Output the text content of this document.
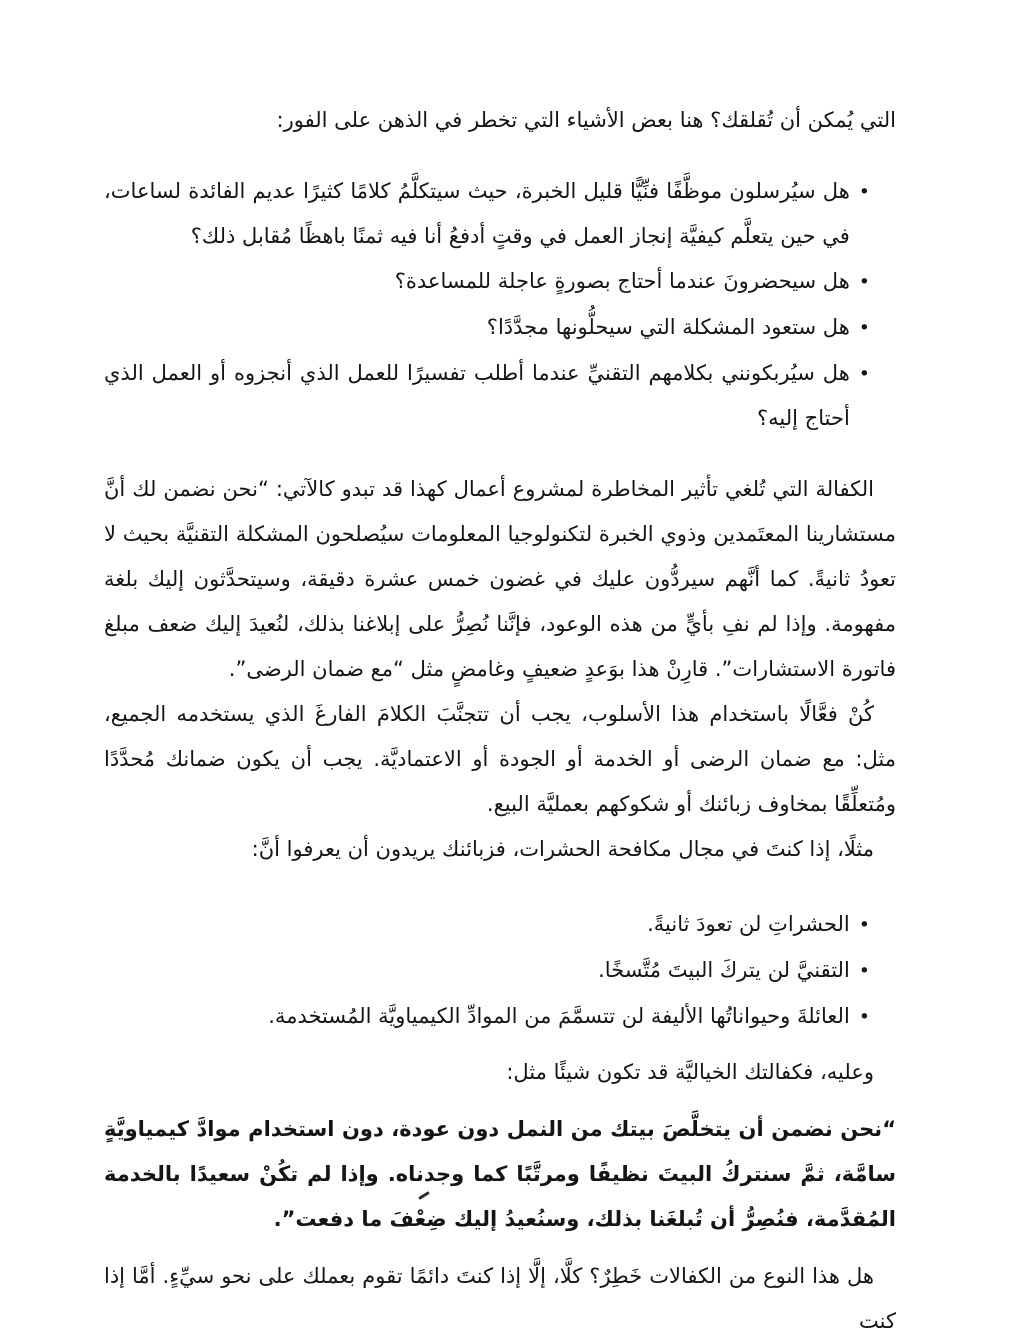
التي يُمكن أن تُقلقك؟ هنا بعض الأشياء التي تخطر في الذهن على الفور:

•
هل سيُرسلون موظَّفًا فنِّيًّا قليل الخبرة، حيث سيتكلَّمُ كلامًا كثيرًا عديم الفائدة لساعات، في حين يتعلَّم كيفيَّة إنجاز العمل في وقتٍ أدفعُ أنا فيه ثمنًا باهظًا مُقابل ذلك؟
•
هل سيحضرونَ عندما أحتاج بصورةٍ عاجلة للمساعدة؟
•
هل ستعود المشكلة التي سيحلُّونها مجدَّدًا؟
•
هل سيُربكونني بكلامهم التقنيِّ عندما أطلب تفسيرًا للعمل الذي أنجزوه أو العمل الذي أحتاج إليه؟

الكفالة التي تُلغي تأثير المخاطرة لمشروع أعمال كهذا قد تبدو كالآتي: “نحن نضمن لك أنَّ مستشارينا المعتَمدين وذوي الخبرة لتكنولوجيا المعلومات سيُصلحون المشكلة التقنيَّة بحيث لا تعودُ ثانيةً. كما أنَّهم سيردُّون عليك في غضون خمس عشرة دقيقة، وسيتحدَّثون إليك بلغة مفهومة. وإذا لم نفِ بأيٍّ من هذه الوعود، فإنَّنا نُصِرُّ على إبلاغنا بذلك، لنُعيدَ إليك ضعف مبلغ فاتورة الاستشارات”. قارِنْ هذا بوَعدٍ ضعيفٍ وغامضٍ مثل “مع ضمان الرضى”.

كُنْ فعَّالًا باستخدام هذا الأسلوب، يجب أن تتجنَّبَ الكلامَ الفارغَ الذي يستخدمه الجميع، مثل: مع ضمان الرضى أو الخدمة أو الجودة أو الاعتماديَّة. يجب أن يكون ضمانك مُحدَّدًا ومُتعلِّقًا بمخاوف زبائنك أو شكوكهم بعمليَّة البيع.

مثلًا، إذا كنتَ في مجال مكافحة الحشرات، فزبائنك يريدون أن يعرفوا أنَّ:

•
الحشراتِ لن تعودَ ثانيةً.
•
التقنيَّ لن يتركَ البيتَ مُتَّسخًا.
•
العائلةَ وحيواناتُها الأليفة لن تتسمَّمَ من الموادِّ الكيمياويَّة المُستخدمة.

وعليه، فكفالتك الخياليَّة قد تكون شيئًا مثل:

“نحن نضمن أن يتخلَّصَ بيتك من النمل دون عودة، دون استخدام موادَّ كيمياويَّةٍ سامَّة، ثمَّ سنتركُ البيتَ نظيفًا ومرتَّبًا كما وجدناه. وإذا لم تكُنْ سعيدًا بالخدمة المُقدَّمة، فنُصِرُّ أن تُبلغَنا بذلك، وسنُعيدُ إليك ضِعْفَ ما دفعت”.

هل هذا النوع من الكفالات خَطِرٌ؟ كلَّا، إلَّا إذا كنتَ دائمًا تقوم بعملك على نحو سيِّءٍ. أمَّا إذا كنت
